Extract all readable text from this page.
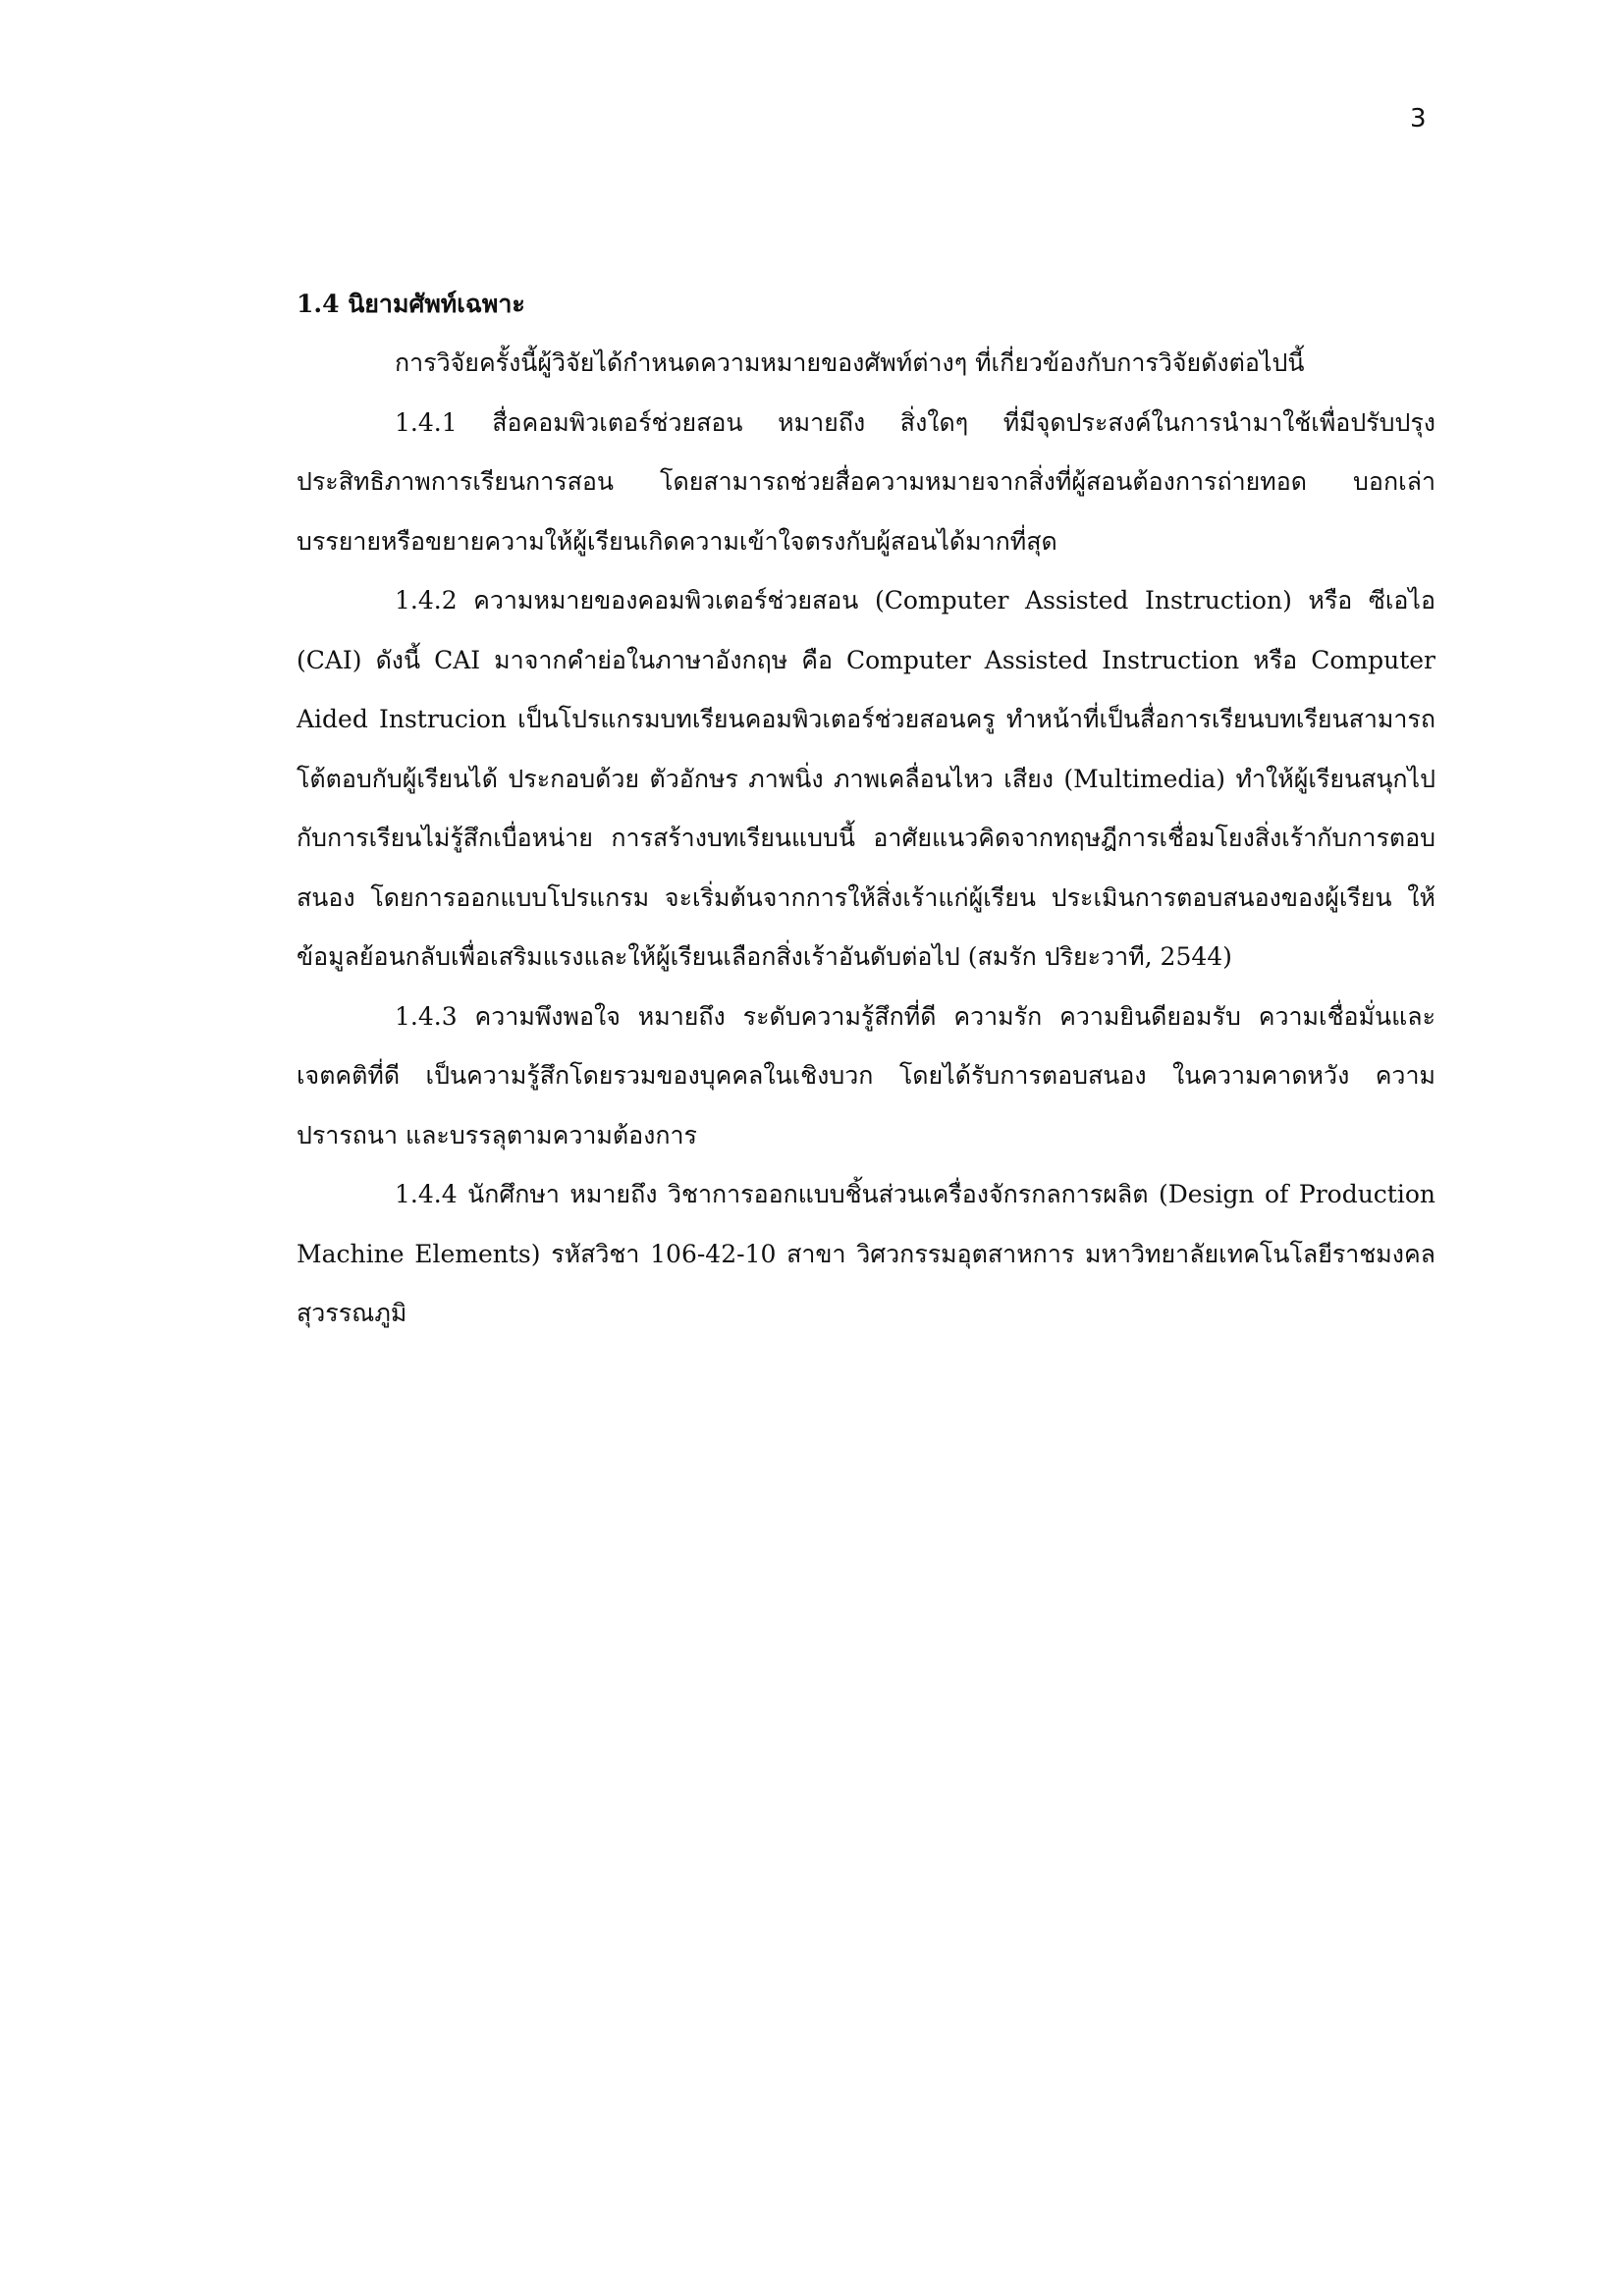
3
1.4 นิยามศัพท์เฉพาะ

การวิจัยครั้งนี้ผู้วิจัยได้กำหนดความหมายของศัพท์ต่างๆ ที่เกี่ยวข้องกับการวิจัยดังต่อไปนี้

1.4.1 สื่อคอมพิวเตอร์ช่วยสอน หมายถึง สิ่งใดๆ ที่มีจุดประสงค์ในการนำมาใช้เพื่อปรับปรุงประสิทธิภาพการเรียนการสอน โดยสามารถช่วยสื่อความหมายจากสิ่งที่ผู้สอนต้องการถ่ายทอด บอกเล่าบรรยายหรือขยายความให้ผู้เรียนเกิดความเข้าใจตรงกับผู้สอนได้มากที่สุด

1.4.2 ความหมายของคอมพิวเตอร์ช่วยสอน (Computer Assisted Instruction) หรือ ซีเอไอ (CAI) ดังนี้ CAI มาจากคำย่อในภาษาอังกฤษ คือ Computer Assisted Instruction หรือ Computer Aided Instrucion เป็นโปรแกรมบทเรียนคอมพิวเตอร์ช่วยสอนครู ทำหน้าที่เป็นสื่อการเรียนบทเรียนสามารถโต้ตอบกับผู้เรียนได้ ประกอบด้วย ตัวอักษร ภาพนิ่ง ภาพเคลื่อนไหว เสียง (Multimedia) ทำให้ผู้เรียนสนุกไปกับการเรียนไม่รู้สึกเบื่อหน่าย การสร้างบทเรียนแบบนี้ อาศัยแนวคิดจากทฤษฎีการเชื่อมโยงสิ่งเร้ากับการตอบสนอง โดยการออกแบบโปรแกรม จะเริ่มต้นจากการให้สิ่งเร้าแก่ผู้เรียน ประเมินการตอบสนองของผู้เรียน ให้ข้อมูลย้อนกลับเพื่อเสริมแรงและให้ผู้เรียนเลือกสิ่งเร้าอันดับต่อไป (สมรัก ปริยะวาที, 2544)

1.4.3 ความพึงพอใจ หมายถึง ระดับความรู้สึกที่ดี ความรัก ความยินดียอมรับ ความเชื่อมั่นและเจตคติที่ดี เป็นความรู้สึกโดยรวมของบุคคลในเชิงบวก โดยได้รับการตอบสนอง ในความคาดหวัง ความปรารถนา และบรรลุตามความต้องการ

1.4.4 นักศึกษา หมายถึง วิชาการออกแบบชิ้นส่วนเครื่องจักรกลการผลิต (Design of Production Machine Elements) รหัสวิชา 106-42-10 สาขา วิศวกรรมอุตสาหการ มหาวิทยาลัยเทคโนโลยีราชมงคลสุวรรณภูมิ
